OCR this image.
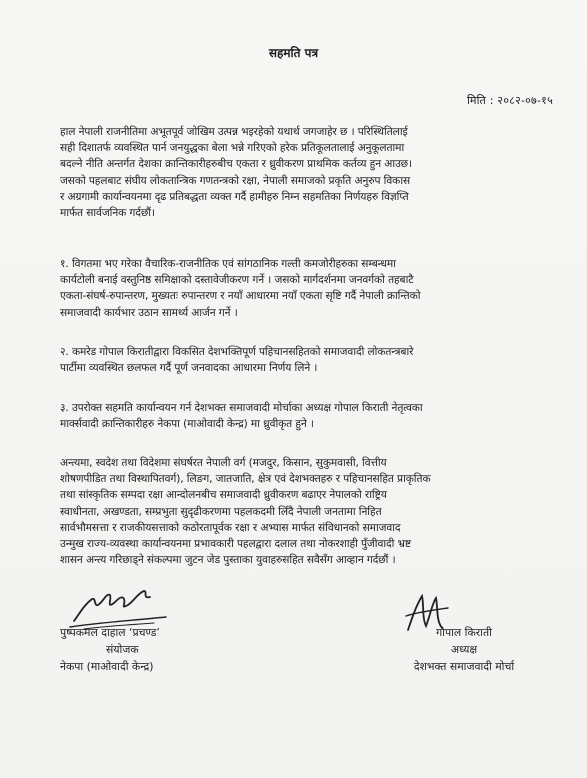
सहमति पत्र
मिति : २०८२-०७-१५
हाल नेपाली राजनीतिमा अभूतपूर्व जोखिम उत्पन्न भइरहेको यथार्थ जगजाहेर छ । परिस्थितिलाई
सही दिशातर्फ व्यवस्थित पार्न जनयुद्धका बेला भन्ने गरिएको हरेक प्रतिकूलतालाई अनुकूलतामा
बदल्ने नीति अन्तर्गत देशका क्रान्तिकारीहरुबीच एकता र ध्रुवीकरण प्राथमिक कर्तव्य हुन आउछ।
जसको पहलबाट संघीय लोकतान्त्रिक गणतन्त्रको रक्षा, नेपाली समाजको प्रकृति अनुरुप विकास
र अग्रगामी कार्यान्वयनमा दृढ प्रतिबद्धता व्यक्त गर्दै हामीहरु निम्न सहमतिका निर्णयहरु विज्ञप्ति
मार्फत सार्वजनिक गर्दछौं।
१. विगतमा भए गरेका वैचारिक-राजनीतिक एवं सांगठानिक गल्ती कमजोरीहरुका सम्बन्धमा
कार्यटोली बनाई वस्तुनिष्ठ समिक्षाको दस्तावेजीकरण गर्ने । जसको मार्गदर्शनमा जनवर्गको तहबाटै
एकता-संघर्ष-रुपान्तरण, मुख्यतः रुपान्तरण र नयाँ आधारमा नयाँ एकता सृष्टि गर्दै नेपाली क्रान्तिको
समाजवादी कार्यभार उठान सामर्थ्य आर्जन गर्ने ।
२. कमरेड गोपाल किरातीद्वारा विकसित देशभक्तिपूर्ण पहिचानसहितको समाजवादी लोकतन्त्रबारे
पार्टीमा व्यवस्थित छलफल गर्दै पूर्ण जनवादका आधारमा निर्णय लिने ।
३. उपरोक्त सहमति कार्यान्वयन गर्न देशभक्त समाजवादी मोर्चाका अध्यक्ष गोपाल किराती नेतृत्वका
मार्क्सवादी क्रान्तिकारीहरु नेकपा (माओवादी केन्द्र) मा ध्रुवीकृत हुने ।
अन्त्यमा, स्वदेश तथा विदेशमा संघर्षरत नेपाली वर्ग (मजदुर, किसान, सुकुमवासी, वित्तीय
शोषणपीडित तथा विस्थापितवर्ग), लिङग, जातजाति, क्षेत्र एवं देशभक्तहरु र पहिचानसहित प्राकृतिक
तथा सांस्कृतिक सम्पदा रक्षा आन्दोलनबीच समाजवादी ध्रुवीकरण बढाएर नेपालको राष्ट्रिय
स्वाधीनता, अखण्डता, सम्प्रभुता सुदृढीकरणमा पहलकदमी लिँदै नेपाली जनतामा निहित
सार्वभौमसत्ता र राजकीयसत्ताको कठोरतापूर्वक रक्षा र अभ्यास मार्फत संविधानको समाजवाद
उन्मुख राज्य-व्यवस्था कार्यान्वयनमा प्रभावकारी पहलद्वारा दलाल तथा नोकरशाही पुँजीवादी भ्रष्ट
शासन अन्त्य गरिछाड्ने संकल्पमा जुटन जेड पुस्ताका युवाहरुसहित सवैसँग आव्हान गर्दछौं ।
पुष्पकमल दाहाल ‘प्रचण्ड’
संयोजक
नेकपा (माओवादी केन्द्र)
गोपाल किराती
अध्यक्ष
देशभक्त समाजवादी मोर्चा
